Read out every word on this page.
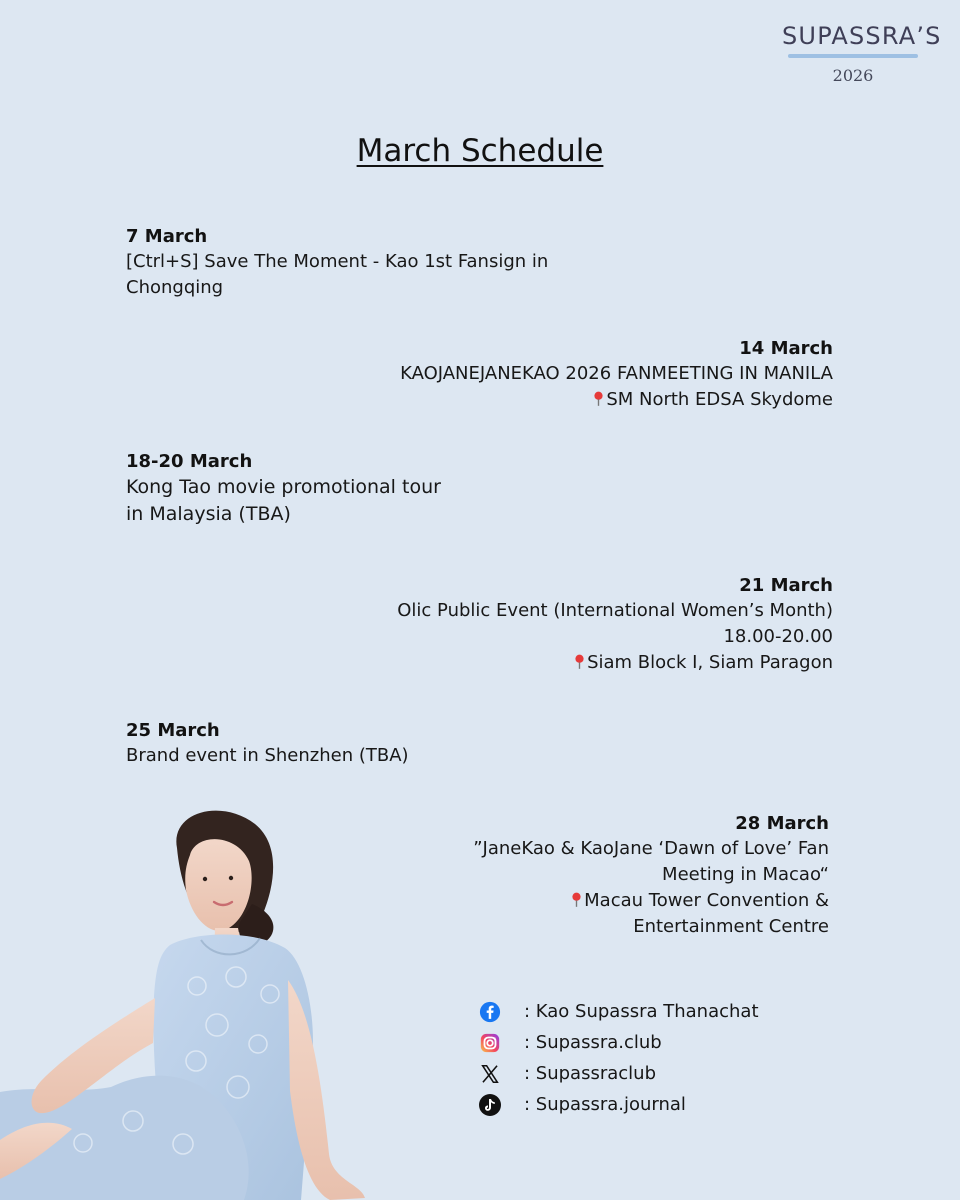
SUPASSRA’S
2026
March Schedule
7 March
[Ctrl+S] Save The Moment - Kao 1st Fansign in
Chongqing
14 March
KAOJANEJANEKAO 2026 FANMEETING IN MANILA
SM North EDSA Skydome
18-20 March
Kong Tao movie promotional tour
in Malaysia (TBA)
21 March
Olic Public Event (International Women’s Month)
18.00-20.00
Siam Block I, Siam Paragon
25 March
Brand event in Shenzhen (TBA)
28 March
”JaneKao & KaoJane ‘Dawn of Love’ Fan
Meeting in Macao“
Macau Tower Convention &
Entertainment Centre
: Kao Supassra Thanachat
: Supassra.club
: Supassraclub
: Supassra.journal
